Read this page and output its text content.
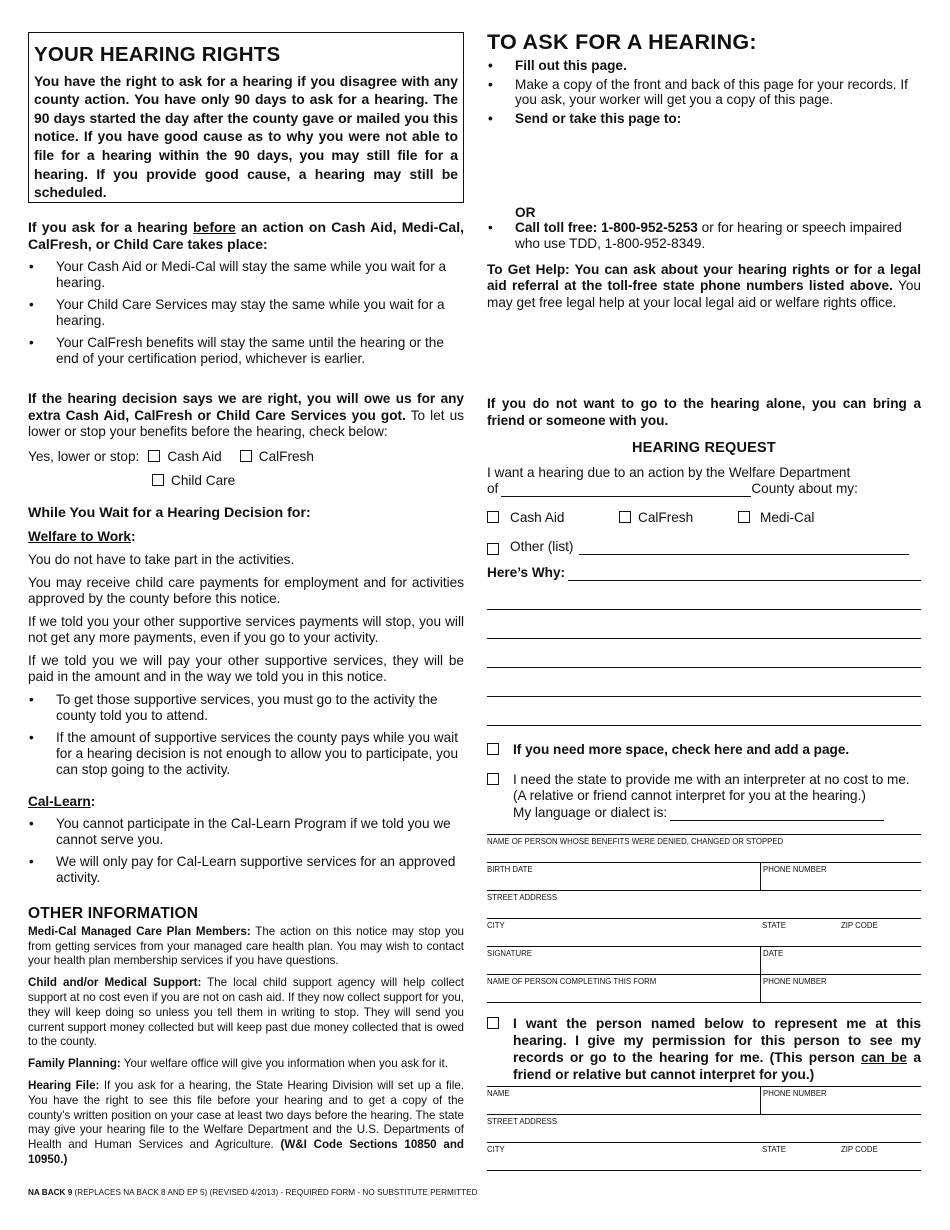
YOUR HEARING RIGHTS

You have the right to ask for a hearing if you disagree with any county action. You have only 90 days to ask for a hearing. The 90 days started the day after the county gave or mailed you this notice. If you have good cause as to why you were not able to file for a hearing within the 90 days, you may still file for a hearing. If you provide good cause, a hearing may still be scheduled.

If you ask for a hearing before an action on Cash Aid, Medi-Cal, CalFresh, or Child Care takes place:

• Your Cash Aid or Medi-Cal will stay the same while you wait for a hearing.
• Your Child Care Services may stay the same while you wait for a hearing.
• Your CalFresh benefits will stay the same until the hearing or the end of your certification period, whichever is earlier.

If the hearing decision says we are right, you will owe us for any extra Cash Aid, CalFresh or Child Care Services you got. To let us lower or stop your benefits before the hearing, check below:

Yes, lower or stop:	Cash Aid	CalFresh
Child Care
While You Wait for a Hearing Decision for:
Welfare to Work:

You do not have to take part in the activities.

You may receive child care payments for employment and for activities approved by the county before this notice.

If we told you your other supportive services payments will stop, you will not get any more payments, even if you go to your activity.

If we told you we will pay your other supportive services, they will be paid in the amount and in the way we told you in this notice.

• To get those supportive services, you must go to the activity the county told you to attend.
• If the amount of supportive services the county pays while you wait for a hearing decision is not enough to allow you to participate, you can stop going to the activity.
Cal-Learn:
• You cannot participate in the Cal-Learn Program if we told you we cannot serve you.
• We will only pay for Cal-Learn supportive services for an approved activity.
OTHER INFORMATION

Medi-Cal Managed Care Plan Members: The action on this notice may stop you from getting services from your managed care health plan. You may wish to contact your health plan membership services if you have questions.

Child and/or Medical Support: The local child support agency will help collect support at no cost even if you are not on cash aid. If they now collect support for you, they will keep doing so unless you tell them in writing to stop. They will send you current support money collected but will keep past due money collected that is owed to the county.

Family Planning: Your welfare office will give you information when you ask for it.

Hearing File: If you ask for a hearing, the State Hearing Division will set up a file. You have the right to see this file before your hearing and to get a copy of the county’s written position on your case at least two days before the hearing. The state may give your hearing file to the Welfare Department and the U.S. Departments of Health and Human Services and Agriculture. (W&I Code Sections 10850 and 10950.)

TO ASK FOR A HEARING:
• Fill out this page.
• Make a copy of the front and back of this page for your records. If you ask, your worker will get you a copy of this page.
• Send or take this page to:
OR
• Call toll free: 1-800-952-5253 or for hearing or speech impaired who use TDD, 1-800-952-8349.

To Get Help: You can ask about your hearing rights or for a legal aid referral at the toll-free state phone numbers listed above. You may get free legal help at your local legal aid or welfare rights office.

If you do not want to go to the hearing alone, you can bring a friend or someone with you.

HEARING REQUEST

I want a hearing due to an action by the Welfare Department

of	County about my:
Cash Aid	CalFresh	Medi-Cal
Other (list)
Here’s Why:
If you need more space, check here and add a page.
I need the state to provide me with an interpreter at no cost to me.
(A relative or friend cannot interpret for you at the hearing.)
My language or dialect is:
NAME OF PERSON WHOSE BENEFITS WERE DENIED, CHANGED OR STOPPED
BIRTH DATE	PHONE NUMBER
STREET ADDRESS
CITY	STATE	ZIP CODE
SIGNATURE	DATE
NAME OF PERSON COMPLETING THIS FORM	PHONE NUMBER

I want the person named below to represent me at this hearing. I give my permission for this person to see my records or go to the hearing for me. (This person can be a friend or relative but cannot interpret for you.)

NAME	PHONE NUMBER
STREET ADDRESS
CITY	STATE	ZIP CODE
NA BACK 9 (REPLACES NA BACK 8 AND EP 5) (REVISED 4/2013) - REQUIRED FORM - NO SUBSTITUTE PERMITTED
